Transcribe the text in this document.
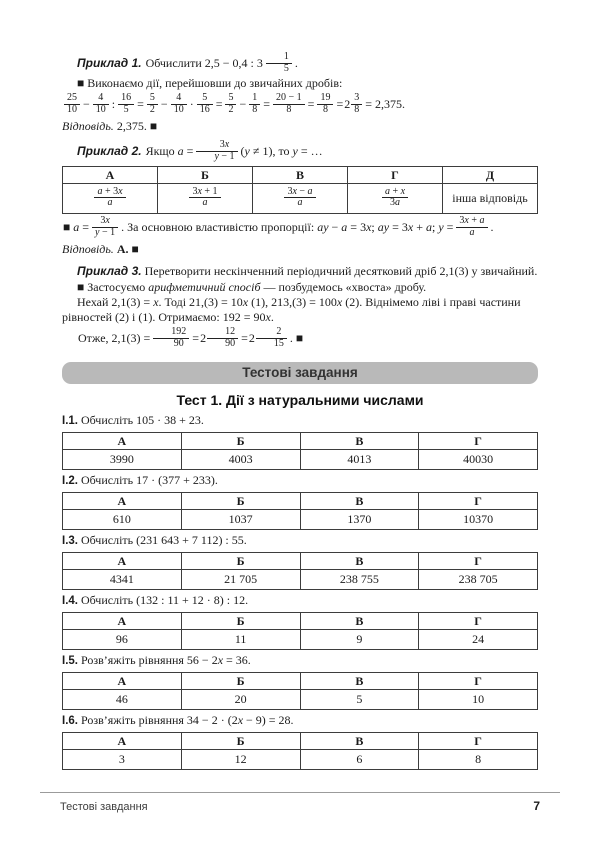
Приклад 1. Обчислити 2,5 − 0,4 : $3 \frac{1}{5}$ .

■ Виконаємо дії, перейшовши до звичайних дробів:

$\frac{25}{10} - \frac{4}{10}$ : $\frac{16}{5} = \frac{5}{2} - \frac{4}{10} \cdot \frac{5}{16} = \frac{5}{2} - \frac{1}{8} = \frac{20 - 1}{8} = \frac{19}{8} =2 \frac{3}{8} = 2,375$.

Відповідь. 2,375. ■

Приклад 2. Якщо $a = \frac{3x}{y - 1} (y \ne 1)$, то y = …

А	Б	В	Г	Д

$\frac{a + 3x}{a}$	$\frac{3x + 1}{a}$	$\frac{3x - a}{a}$	$\frac{a + x}{3a}$	інша відповідь
■ $a = \frac{3x}{y - 1}$ . За основною властивістю пропорції: ay − a = 3x; ay = 3x + a; $y = \frac{3x + a}{a}$ .

Відповідь. А. ■

Приклад 3. Перетворити нескінченний періодичний десятковий дріб 2,1(3) у звичайний.

■ Застосуємо арифметичний спосіб — позбудемось «хвоста» дробу.

Нехай 2,1(3) = x. Тоді 21,(3) = 10x (1), 213,(3) = 100x (2). Віднімемо ліві і праві частини рівностей (2) і (1). Отримаємо: 192 = 90x.

Отже, $2,1(3) = \frac{192}{90} =2 \frac{12}{90} =2 \frac{2}{15}$ . ■
Тестові завдання
Тест 1. Дії з натуральними числами

І.1. Обчисліть 105 · 38 + 23.

А	Б	В	Г
3990	4003	4013	40030

І.2. Обчисліть 17 · (377 + 233).

А	Б	В	Г
610	1037	1370	10370

І.3. Обчисліть (231 643 + 7 112) : 55.

А	Б	В	Г
4341	21 705	238 755	238 705

І.4. Обчисліть (132 : 11 + 12 · 8) : 12.

А	Б	В	Г
96	11	9	24

І.5. Розв’яжіть рівняння 56 − 2x = 36.

А	Б	В	Г
46	20	5	10

І.6. Розв’яжіть рівняння 34 − 2 · (2x − 9) = 28.

А	Б	В	Г
3	12	6	8
Тестові завдання	7
